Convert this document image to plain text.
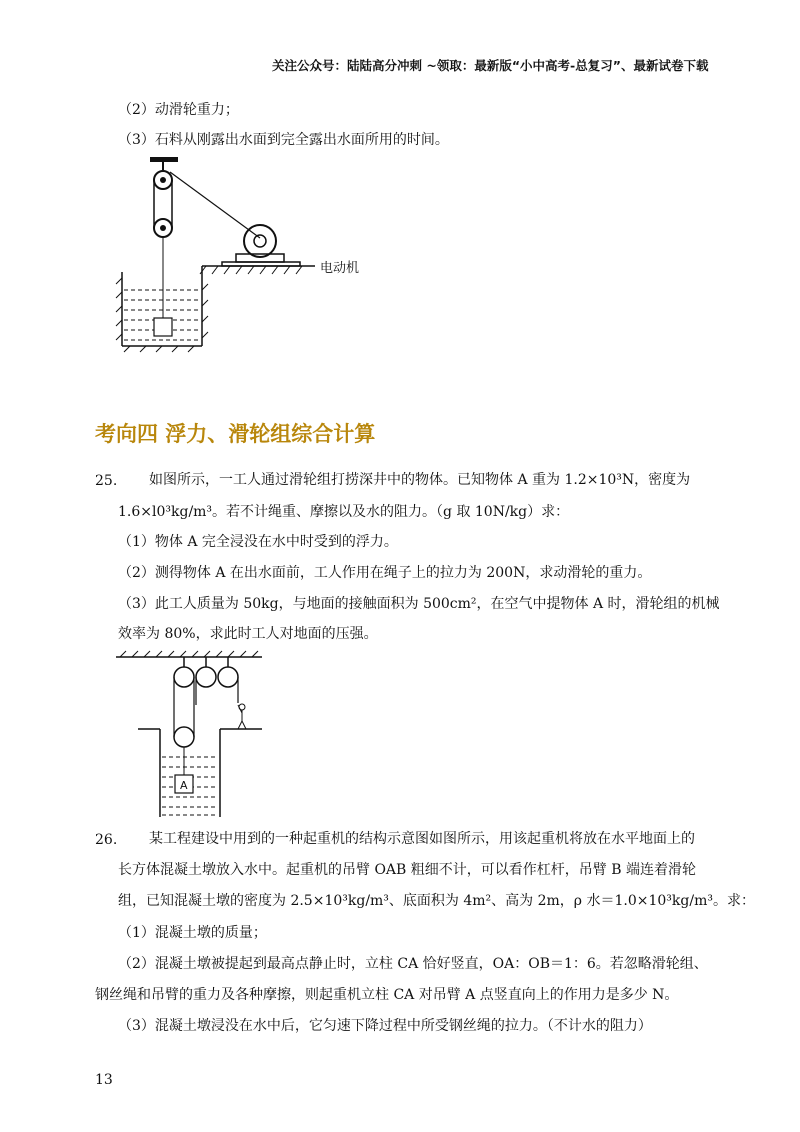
关注公众号：陆陆高分冲刺 ~领取：最新版“小中高考-总复习”、最新试卷下载
（2）动滑轮重力；
（3）石料从刚露出水面到完全露出水面所用的时间。
电动机
考向四 浮力、滑轮组综合计算
25. 如图所示，一工人通过滑轮组打捞深井中的物体。已知物体 A 重为 1.2×10³N，密度为
1.6×l0³kg/m³。若不计绳重、摩擦以及水的阻力。（g 取 10N/kg）求：
（1）物体 A 完全浸没在水中时受到的浮力。
（2）测得物体 A 在出水面前，工人作用在绳子上的拉力为 200N，求动滑轮的重力。
（3）此工人质量为 50kg，与地面的接触面积为 500cm²，在空气中提物体 A 时，滑轮组的机械
效率为 80%，求此时工人对地面的压强。
A
26. 某工程建设中用到的一种起重机的结构示意图如图所示，用该起重机将放在水平地面上的
长方体混凝土墩放入水中。起重机的吊臂 OAB 粗细不计，可以看作杠杆，吊臂 B 端连着滑轮
组，已知混凝土墩的密度为 2.5×10³kg/m³、底面积为 4m²、高为 2m，ρ 水＝1.0×10³kg/m³。求：
（1）混凝土墩的质量；
（2）混凝土墩被提起到最高点静止时，立柱 CA 恰好竖直，OA：OB＝1：6。若忽略滑轮组、
钢丝绳和吊臂的重力及各种摩擦，则起重机立柱 CA 对吊臂 A 点竖直向上的作用力是多少 N。
（3）混凝土墩浸没在水中后，它匀速下降过程中所受钢丝绳的拉力。（不计水的阻力）
13
